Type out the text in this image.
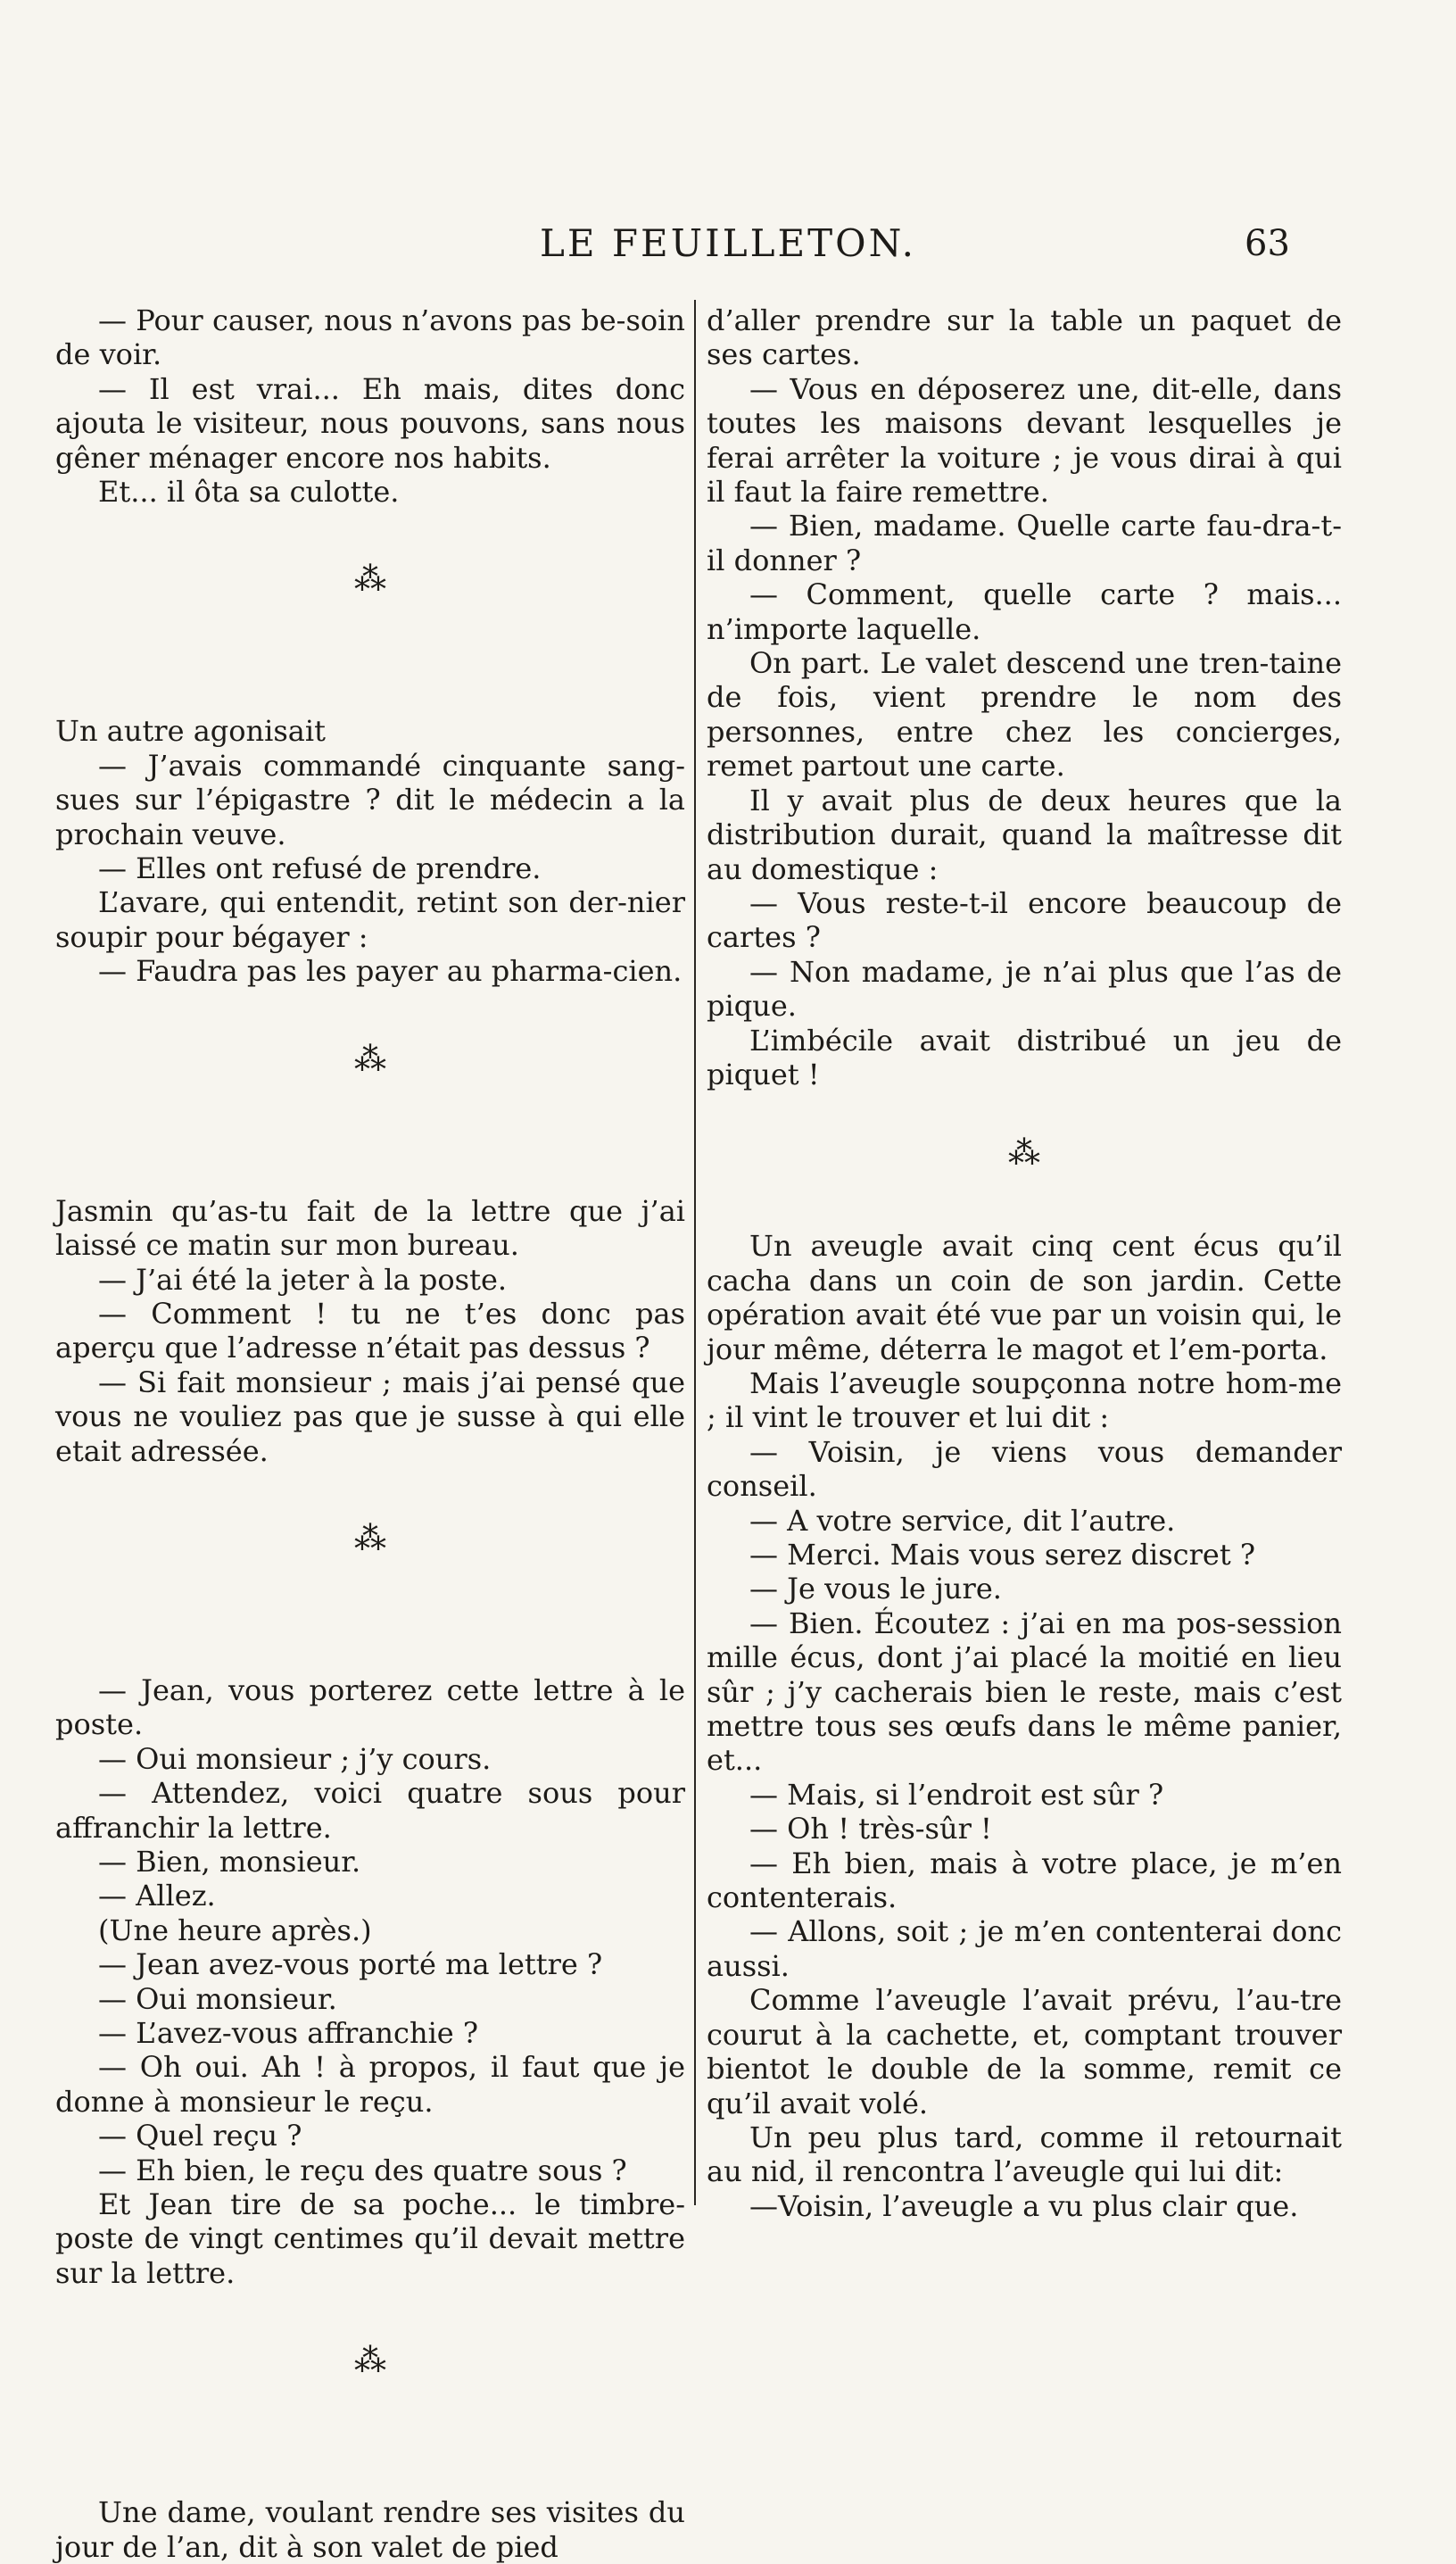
LE FEUILLETON.	63

— Pour causer, nous n’avons pas be-soin de voir.

— Il est vrai... Eh mais, dites donc ajouta le visiteur, nous pouvons, sans nous gêner ménager encore nos habits.

Et... il ôta sa culotte.

⁂

Un autre agonisait

— J’avais commandé cinquante sang-sues sur l’épigastre ? dit le médecin a la prochain veuve.

— Elles ont refusé de prendre.

L’avare, qui entendit, retint son der-nier soupir pour bégayer :

— Faudra pas les payer au pharma-cien.

⁂

Jasmin qu’as-tu fait de la lettre que j’ai laissé ce matin sur mon bureau.

— J’ai été la jeter à la poste.

— Comment ! tu ne t’es donc pas aperçu que l’adresse n’était pas dessus ?

— Si fait monsieur ; mais j’ai pensé que vous ne vouliez pas que je susse à qui elle etait adressée.

⁂

— Jean, vous porterez cette lettre à le poste.

— Oui monsieur ; j’y cours.

— Attendez, voici quatre sous pour affranchir la lettre.

— Bien, monsieur.

— Allez.

(Une heure après.)

— Jean avez-vous porté ma lettre ?

— Oui monsieur.

— L’avez-vous affranchie ?

— Oh oui. Ah ! à propos, il faut que je donne à monsieur le reçu.

— Quel reçu ?

— Eh bien, le reçu des quatre sous ?

Et Jean tire de sa poche... le timbre-poste de vingt centimes qu’il devait mettre sur la lettre.

⁂

Une dame, voulant rendre ses visites du jour de l’an, dit à son valet de pied

d’aller prendre sur la table un paquet de ses cartes.

— Vous en déposerez une, dit-elle, dans toutes les maisons devant lesquelles je ferai arrêter la voiture ; je vous dirai à qui il faut la faire remettre.

— Bien, madame. Quelle carte fau-dra-t-il donner ?

— Comment, quelle carte ? mais... n’importe laquelle.

On part. Le valet descend une tren-taine de fois, vient prendre le nom des personnes, entre chez les concierges, remet partout une carte.

Il y avait plus de deux heures que la distribution durait, quand la maîtresse dit au domestique :

— Vous reste-t-il encore beaucoup de cartes ?

— Non madame, je n’ai plus que l’as de pique.

L’imbécile avait distribué un jeu de piquet !

⁂

Un aveugle avait cinq cent écus qu’il cacha dans un coin de son jardin. Cette opération avait été vue par un voisin qui, le jour même, déterra le magot et l’em-porta.

Mais l’aveugle soupçonna notre hom-me ; il vint le trouver et lui dit :

— Voisin, je viens vous demander conseil.

— A votre service, dit l’autre.

— Merci. Mais vous serez discret ?

— Je vous le jure.

— Bien. Écoutez : j’ai en ma pos-session mille écus, dont j’ai placé la moitié en lieu sûr ; j’y cacherais bien le reste, mais c’est mettre tous ses œufs dans le même panier, et...

— Mais, si l’endroit est sûr ?

— Oh ! très-sûr !

— Eh bien, mais à votre place, je m’en contenterais.

— Allons, soit ; je m’en contenterai donc aussi.

Comme l’aveugle l’avait prévu, l’au-tre courut à la cachette, et, comptant trouver bientot le double de la somme, remit ce qu’il avait volé.

Un peu plus tard, comme il retournait au nid, il rencontra l’aveugle qui lui dit:

—Voisin, l’aveugle a vu plus clair que.
